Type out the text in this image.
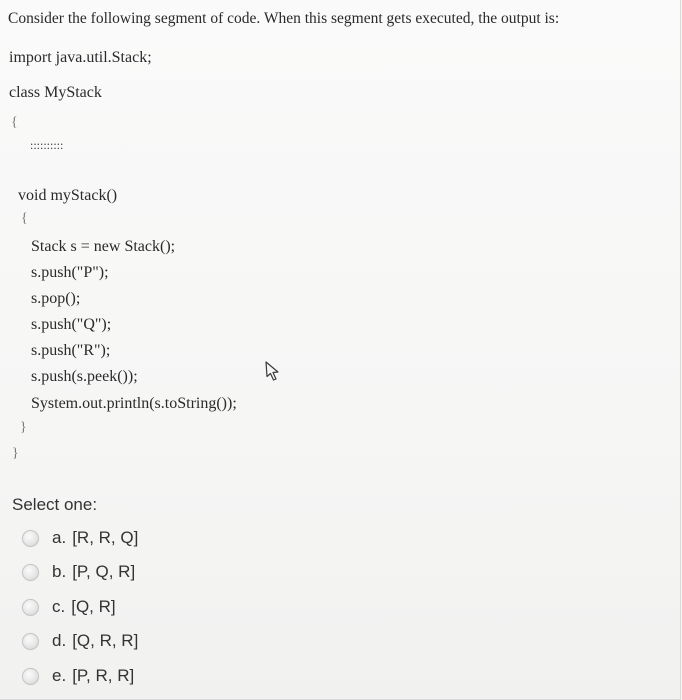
Consider the following segment of code. When this segment gets executed, the output is:
import java.util.Stack;
class MyStack
{
::::::::::
void myStack()
{
Stack s = new Stack();
s.push("P");
s.pop();
s.push("Q");
s.push("R");
s.push(s.peek());
System.out.println(s.toString());
}
}
Select one:
a. [R, R, Q]
b. [P, Q, R]
c. [Q, R]
d. [Q, R, R]
e. [P, R, R]
